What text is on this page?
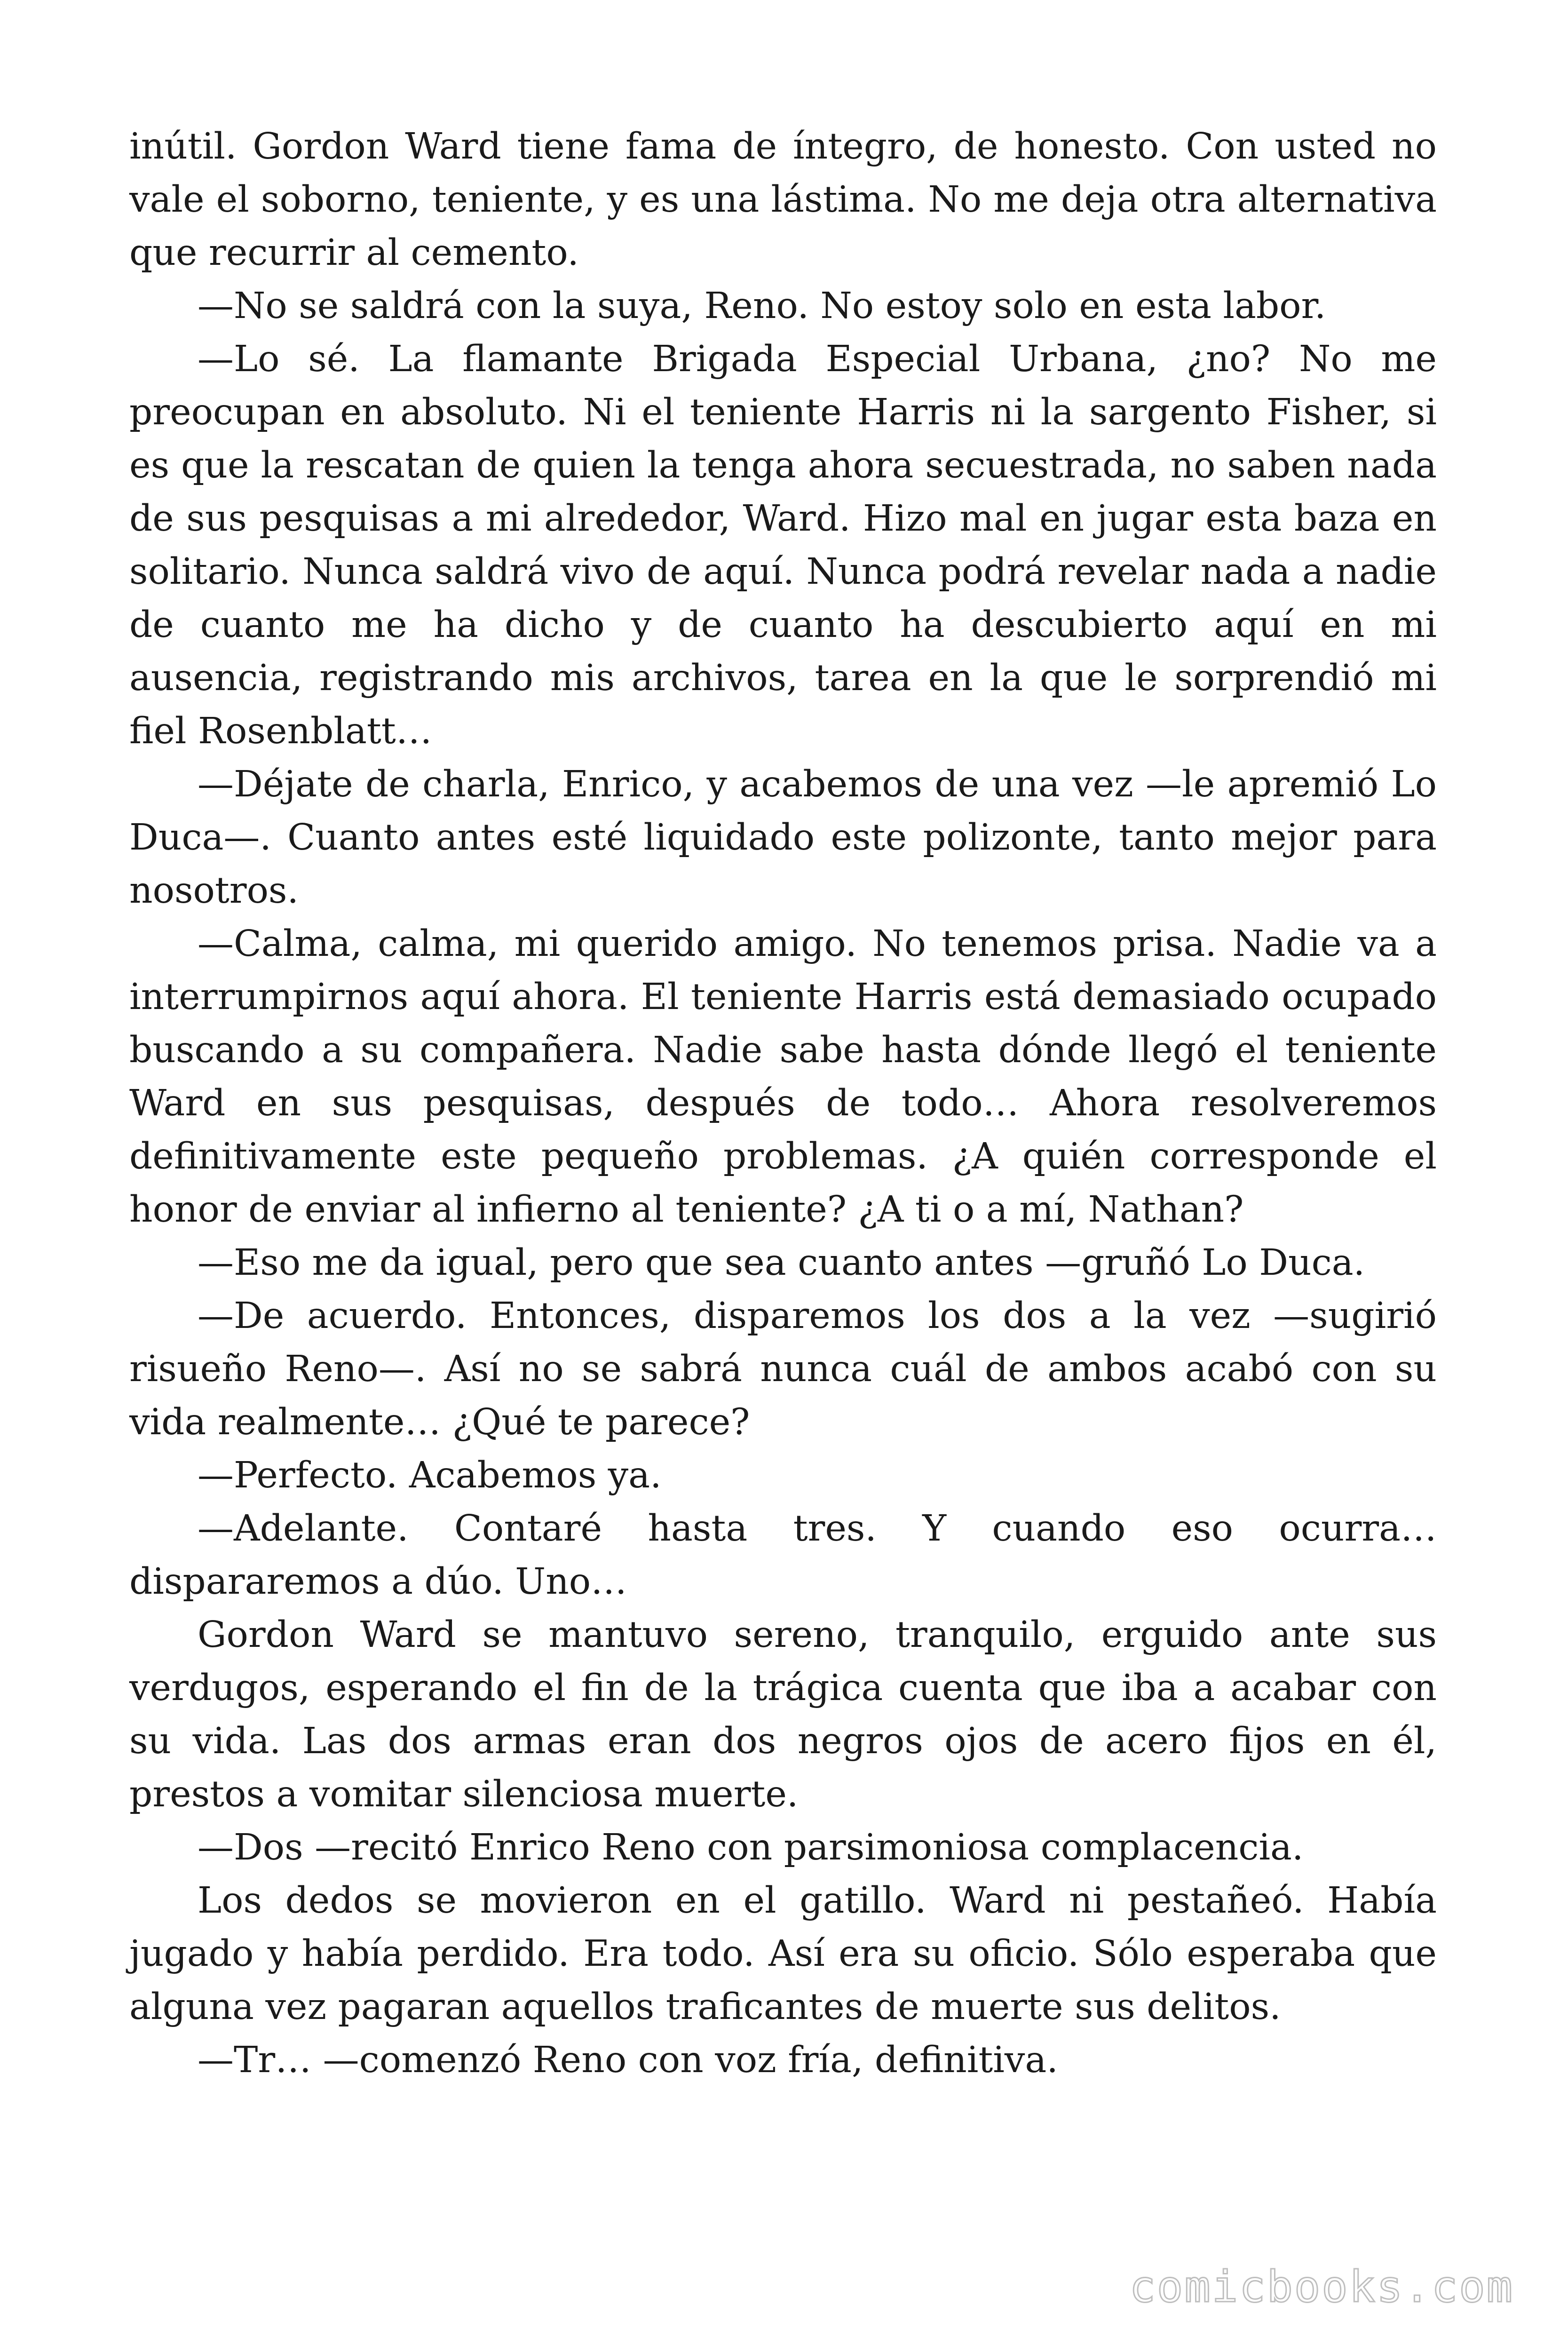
inútil. Gordon Ward tiene fama de íntegro, de honesto. Con usted no vale el soborno, teniente, y es una lástima. No me deja otra alternativa que recurrir al cemento.

—No se saldrá con la suya, Reno. No estoy solo en esta labor.

—Lo sé. La flamante Brigada Especial Urbana, ¿no? No me preocupan en absoluto. Ni el teniente Harris ni la sargento Fisher, si es que la rescatan de quien la tenga ahora secuestrada, no saben nada de sus pesquisas a mi alrededor, Ward. Hizo mal en jugar esta baza en solitario. Nunca saldrá vivo de aquí. Nunca podrá revelar nada a nadie de cuanto me ha dicho y de cuanto ha descubierto aquí en mi ausencia, registrando mis archivos, tarea en la que le sorprendió mi fiel Rosenblatt…

—Déjate de charla, Enrico, y acabemos de una vez —le apremió Lo Duca—. Cuanto antes esté liquidado este polizonte, tanto mejor para nosotros.

—Calma, calma, mi querido amigo. No tenemos prisa. Nadie va a interrumpirnos aquí ahora. El teniente Harris está demasiado ocupado buscando a su compañera. Nadie sabe hasta dónde llegó el teniente Ward en sus pesquisas, después de todo… Ahora resolveremos definitivamente este pequeño problemas. ¿A quién corresponde el honor de enviar al infierno al teniente? ¿A ti o a mí, Nathan?

—Eso me da igual, pero que sea cuanto antes —gruñó Lo Duca.

—De acuerdo. Entonces, disparemos los dos a la vez —sugirió risueño Reno—. Así no se sabrá nunca cuál de ambos acabó con su vida realmente… ¿Qué te parece?

—Perfecto. Acabemos ya.

—Adelante. Contaré hasta tres. Y cuando eso ocurra… dispararemos a dúo. Uno…

Gordon Ward se mantuvo sereno, tranquilo, erguido ante sus verdugos, esperando el fin de la trágica cuenta que iba a acabar con su vida. Las dos armas eran dos negros ojos de acero fijos en él, prestos a vomitar silenciosa muerte.

—Dos —recitó Enrico Reno con parsimoniosa complacencia.

Los dedos se movieron en el gatillo. Ward ni pestañeó. Había jugado y había perdido. Era todo. Así era su oficio. Sólo esperaba que alguna vez pagaran aquellos traficantes de muerte sus delitos.

—Tr… —comenzó Reno con voz fría, definitiva.

comicbooks.com
